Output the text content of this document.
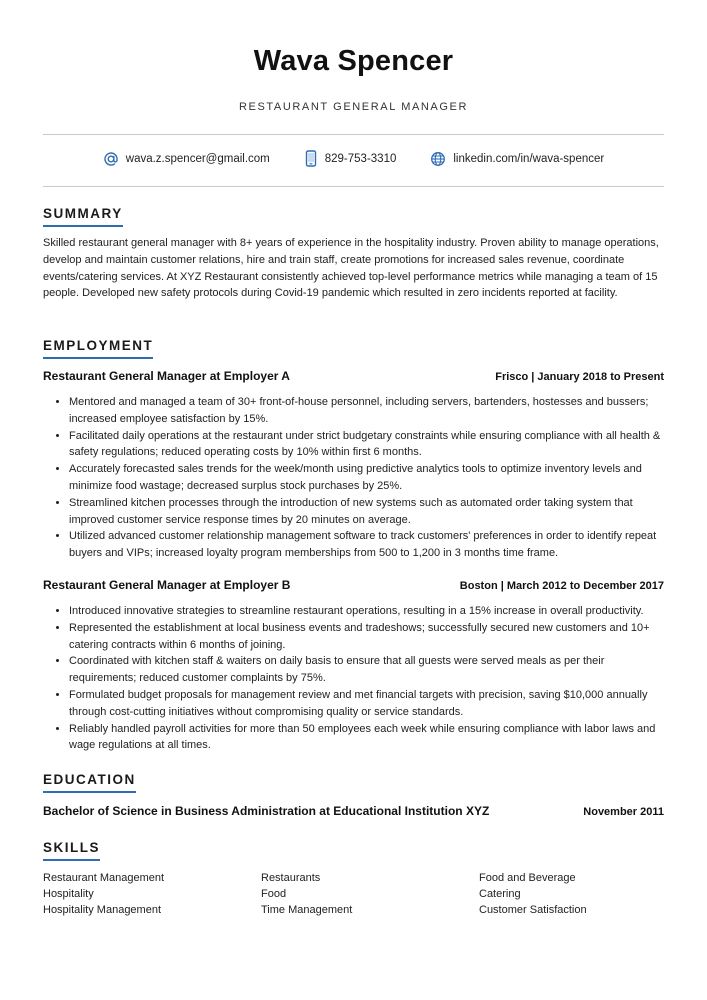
Wava Spencer
RESTAURANT GENERAL MANAGER
wava.z.spencer@gmail.com	829-753-3310	linkedin.com/in/wava-spencer
SUMMARY

Skilled restaurant general manager with 8+ years of experience in the hospitality industry. Proven ability to manage operations, develop and maintain customer relations, hire and train staff, create promotions for increased sales revenue, coordinate events/catering services. At XYZ Restaurant consistently achieved top-level performance metrics while managing a team of 15 people. Developed new safety protocols during Covid-19 pandemic which resulted in zero incidents reported at facility.

EMPLOYMENT
Restaurant General Manager at Employer A	Frisco | January 2018 to Present
• Mentored and managed a team of 30+ front-of-house personnel, including servers, bartenders, hostesses and bussers; increased employee satisfaction by 15%.
• Facilitated daily operations at the restaurant under strict budgetary constraints while ensuring compliance with all health & safety regulations; reduced operating costs by 10% within first 6 months.
• Accurately forecasted sales trends for the week/month using predictive analytics tools to optimize inventory levels and minimize food wastage; decreased surplus stock purchases by 25%.
• Streamlined kitchen processes through the introduction of new systems such as automated order taking system that improved customer service response times by 20 minutes on average.
• Utilized advanced customer relationship management software to track customers' preferences in order to identify repeat buyers and VIPs; increased loyalty program memberships from 500 to 1,200 in 3 months time frame.
Restaurant General Manager at Employer B	Boston | March 2012 to December 2017
• Introduced innovative strategies to streamline restaurant operations, resulting in a 15% increase in overall productivity.
• Represented the establishment at local business events and tradeshows; successfully secured new customers and 10+ catering contracts within 6 months of joining.
• Coordinated with kitchen staff & waiters on daily basis to ensure that all guests were served meals as per their requirements; reduced customer complaints by 75%.
• Formulated budget proposals for management review and met financial targets with precision, saving $10,000 annually through cost-cutting initiatives without compromising quality or service standards.
• Reliably handled payroll activities for more than 50 employees each week while ensuring compliance with labor laws and wage regulations at all times.
EDUCATION
Bachelor of Science in Business Administration at Educational Institution XYZ	November 2011
SKILLS
Restaurant Management	Restaurants	Food and Beverage
Hospitality	Food	Catering
Hospitality Management	Time Management	Customer Satisfaction
